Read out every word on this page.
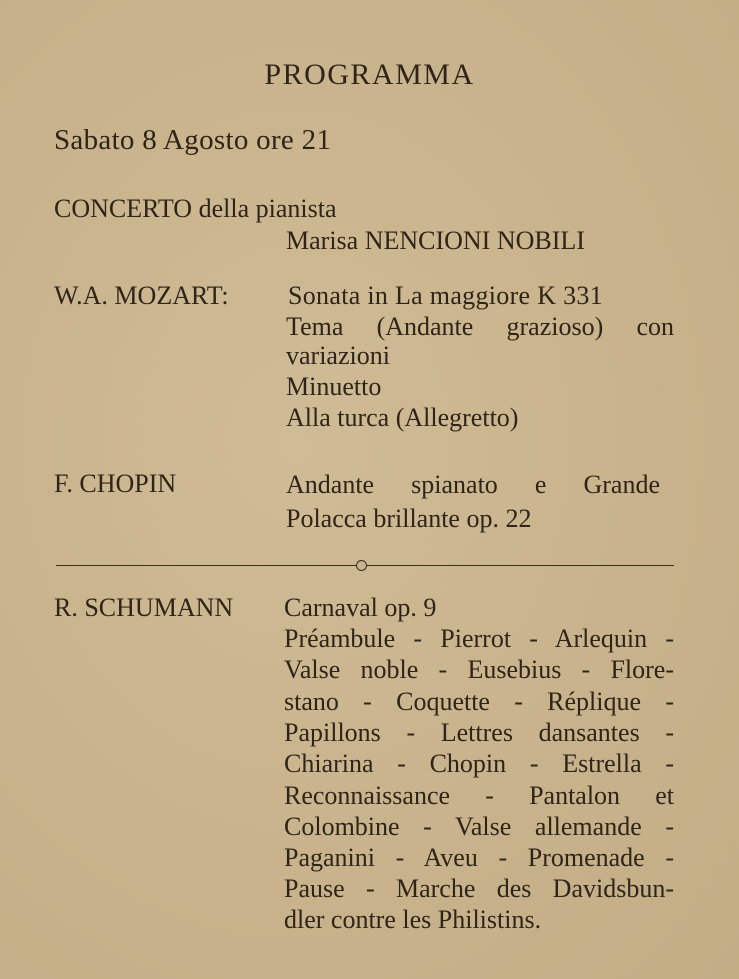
PROGRAMMA
Sabato 8 Agosto ore 21
CONCERTO della pianista
Marisa NENCIONI NOBILI
W.A. MOZART: Sonata in La maggiore K 331
Tema (Andante grazioso) con
variazioni
Minuetto
Alla turca (Allegretto)
F. CHOPIN	Andante spianato e Grande
Polacca brillante op. 22
R. SCHUMANN Carnaval op. 9
Préambule - Pierrot - Arlequin -
Valse noble - Eusebius - Flore-
stano - Coquette - Réplique -
Papillons - Lettres dansantes -
Chiarina - Chopin - Estrella -
Reconnaissance - Pantalon et
Colombine - Valse allemande -
Paganini - Aveu - Promenade -
Pause - Marche des Davidsbun-
dler contre les Philistins.
